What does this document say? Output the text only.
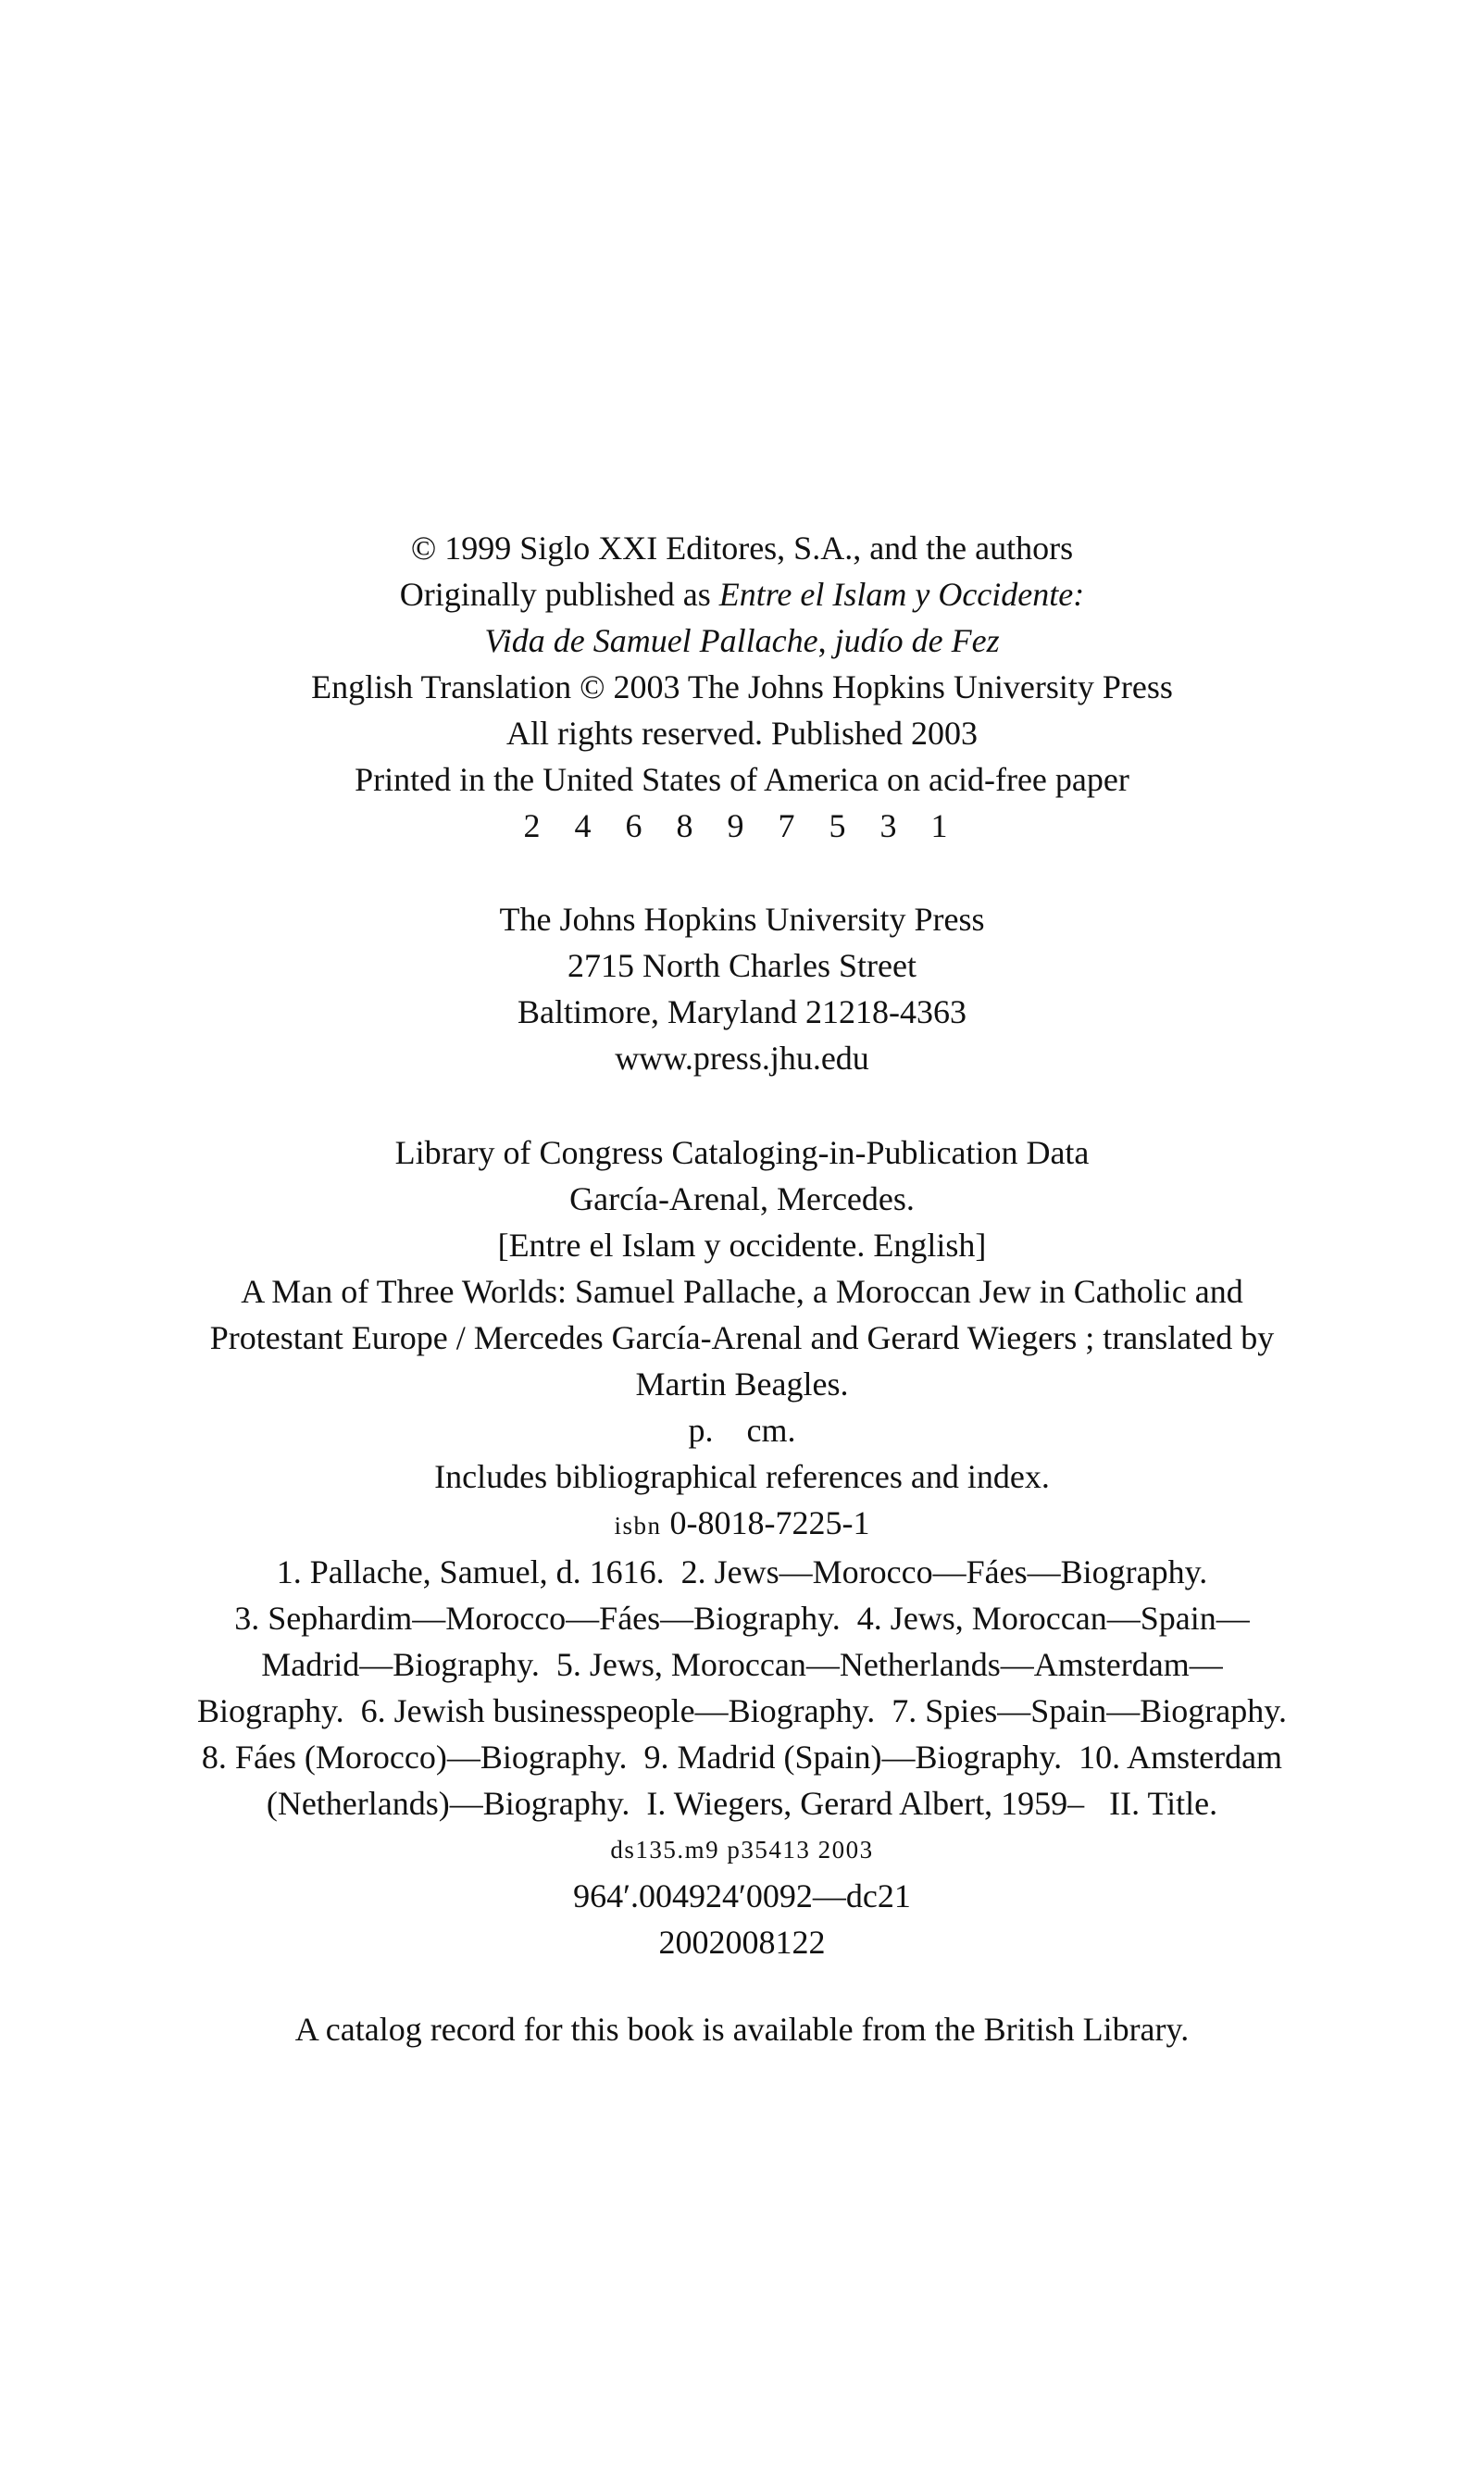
© 1999 Siglo XXI Editores, S.A., and the authors

Originally published as Entre el Islam y Occidente:

Vida de Samuel Pallache, judío de Fez

English Translation © 2003 The Johns Hopkins University Press

All rights reserved. Published 2003

Printed in the United States of America on acid-free paper

2 4 6 8 9 7 5 3 1

The Johns Hopkins University Press

2715 North Charles Street

Baltimore, Maryland 21218-4363

www.press.jhu.edu

Library of Congress Cataloging-in-Publication Data

García-Arenal, Mercedes.

[Entre el Islam y occidente. English]

A Man of Three Worlds: Samuel Pallache, a Moroccan Jew in Catholic and

Protestant Europe / Mercedes García-Arenal and Gerard Wiegers ; translated by

Martin Beagles.

p.    cm.

Includes bibliographical references and index.

isbn 0-8018-7225-1

1. Pallache, Samuel, d. 1616.  2. Jews—Morocco—Fáes—Biography.

3. Sephardim—Morocco—Fáes—Biography.  4. Jews, Moroccan—Spain—

Madrid—Biography.  5. Jews, Moroccan—Netherlands—Amsterdam—

Biography.  6. Jewish businesspeople—Biography.  7. Spies—Spain—Biography.

8. Fáes (Morocco)—Biography.  9. Madrid (Spain)—Biography.  10. Amsterdam

(Netherlands)—Biography.  I. Wiegers, Gerard Albert, 1959–   II. Title.

ds135.m9 p35413 2003

964′.004924′0092—dc21

2002008122

A catalog record for this book is available from the British Library.
